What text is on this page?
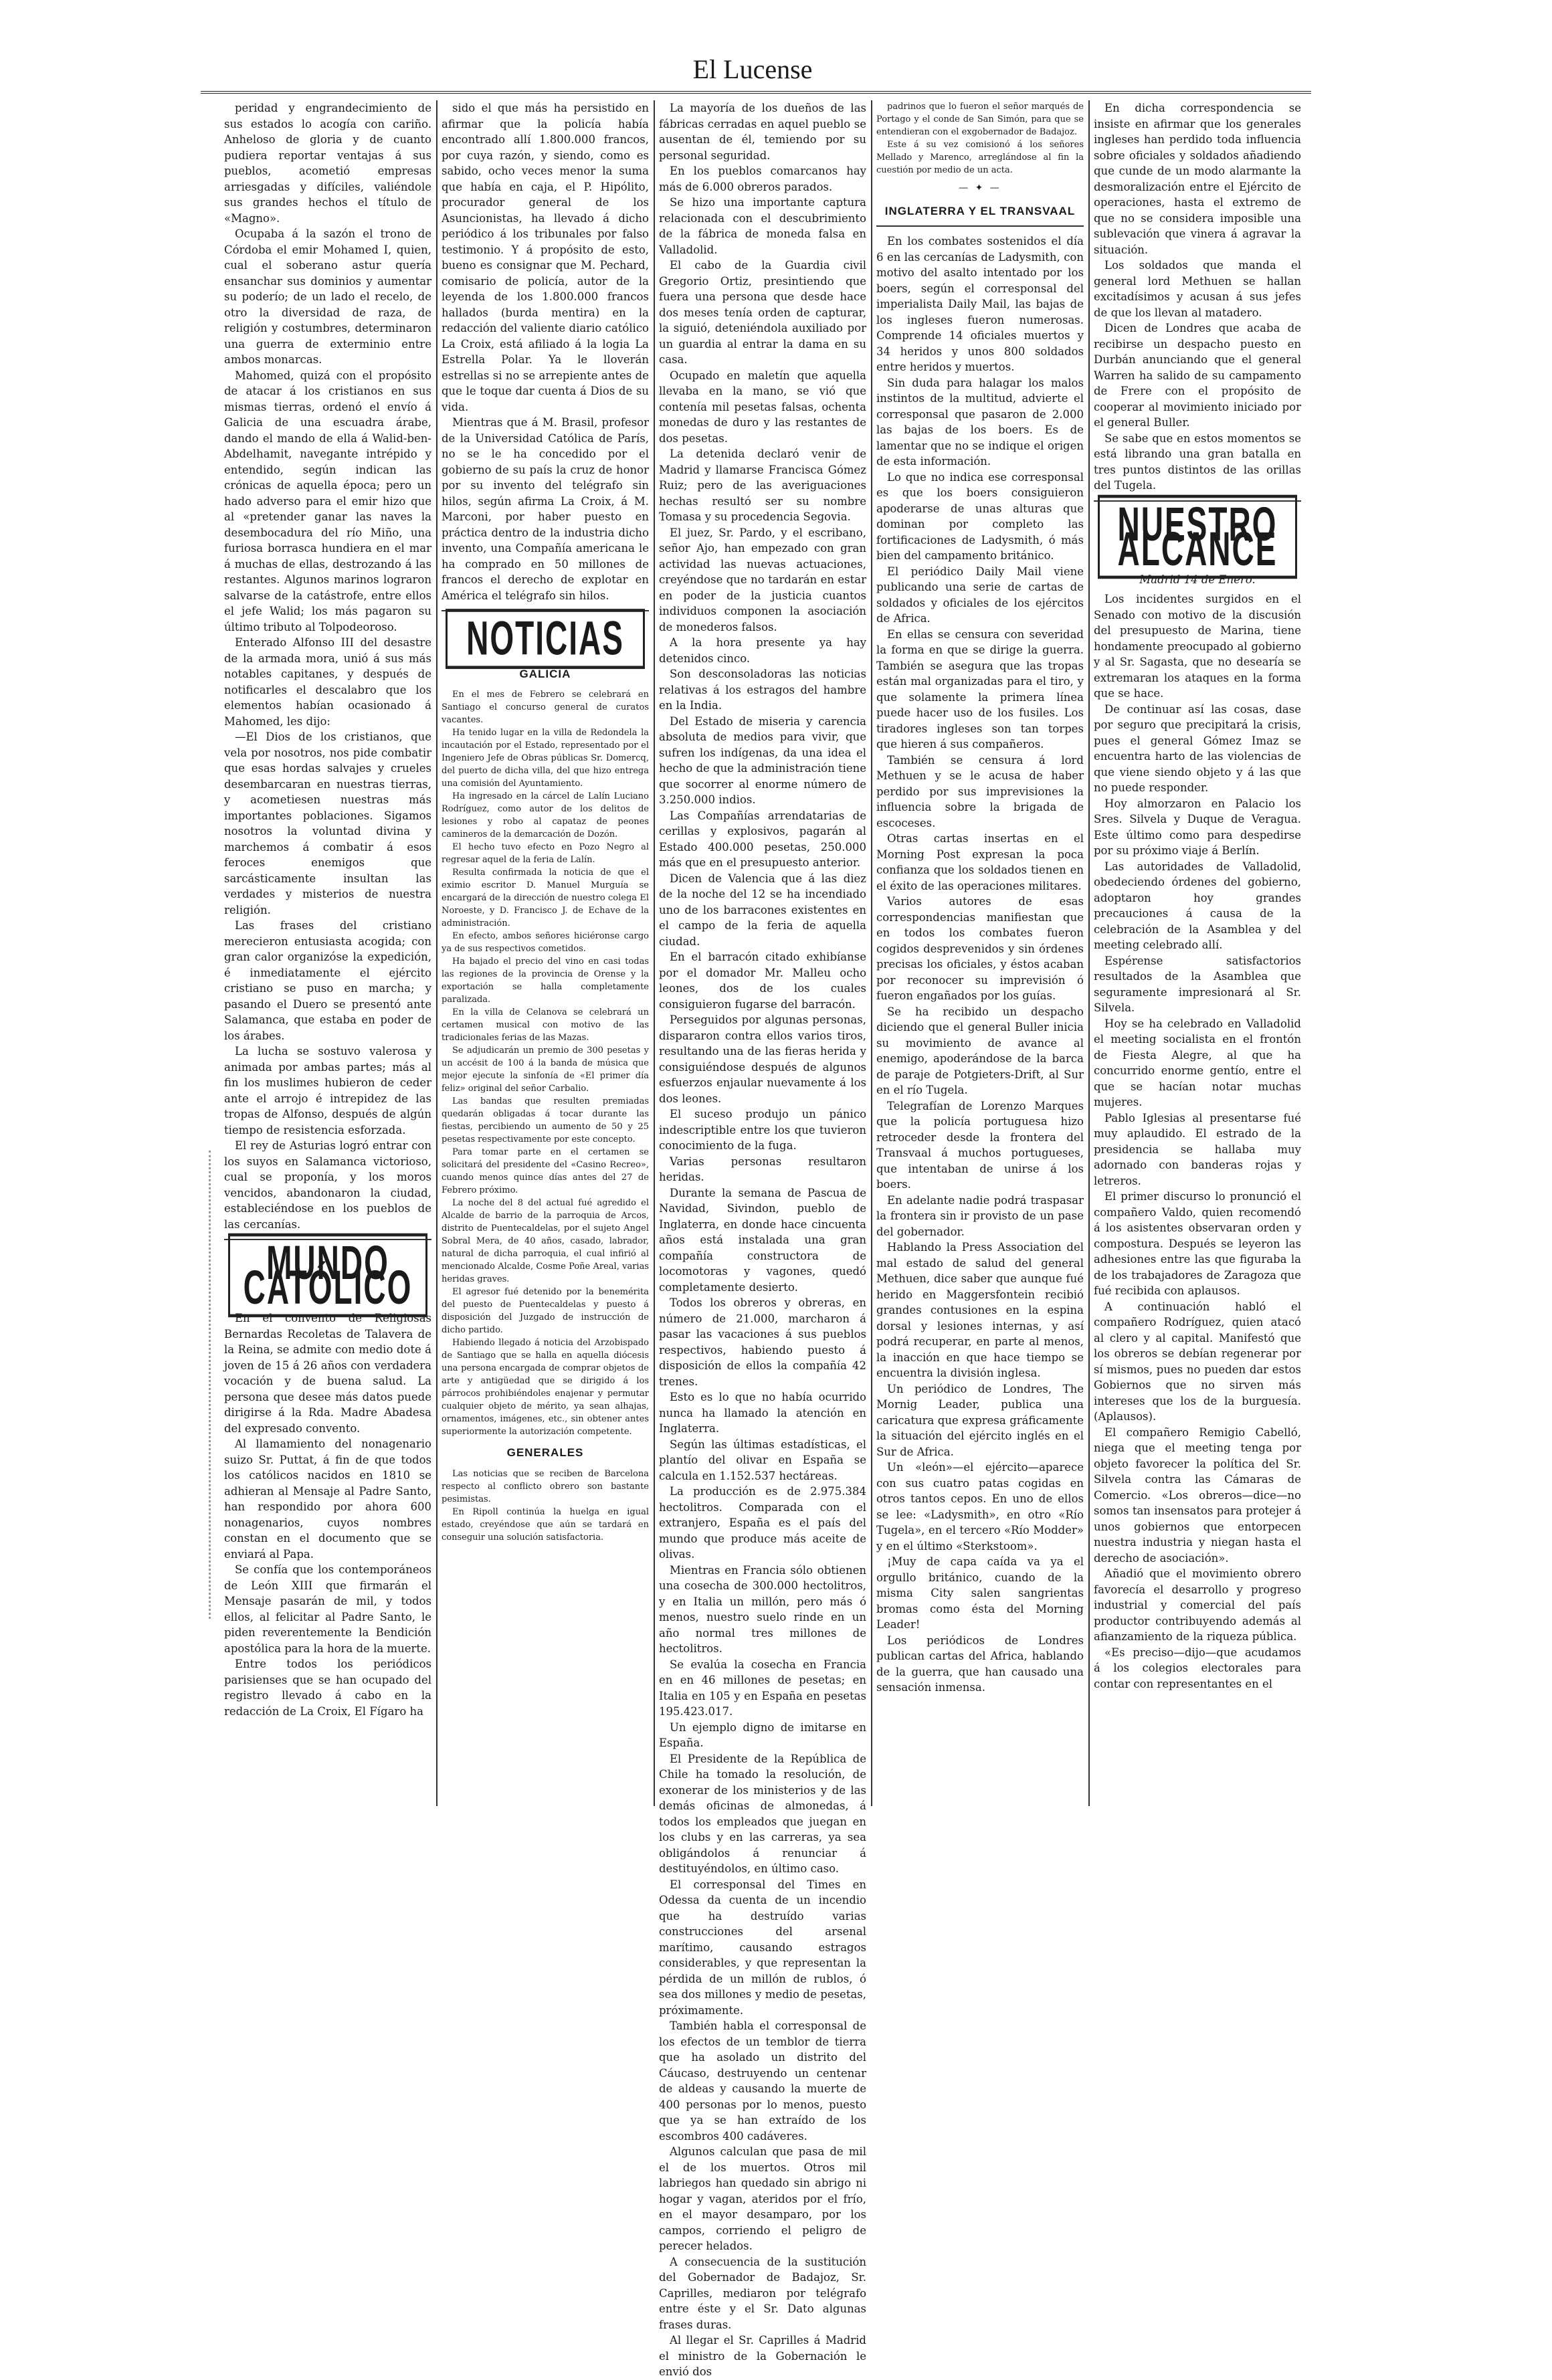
El Lucense

peridad y engrandecimiento de sus estados lo acogía con cariño. Anheloso de gloria y de cuanto pudiera reportar ventajas á sus pueblos, acometió empresas arriesgadas y difíciles, valiéndole sus grandes hechos el título de «Magno».

Ocupaba á la sazón el trono de Córdoba el emir Mohamed I, quien, cual el soberano astur quería ensanchar sus dominios y aumentar su poderío; de un lado el recelo, de otro la diversidad de raza, de religión y costumbres, determinaron una guerra de exterminio entre ambos monarcas.

Mahomed, quizá con el propósito de atacar á los cristianos en sus mismas tierras, ordenó el envío á Galicia de una escuadra árabe, dando el mando de ella á Walid-ben-Abdelhamit, navegante intrépido y entendido, según indican las crónicas de aquella época; pero un hado adverso para el emir hizo que al «pretender ganar las naves la desembocadura del río Miño, una furiosa borrasca hundiera en el mar á muchas de ellas, destrozando á las restantes. Algunos marinos lograron salvarse de la catástrofe, entre ellos el jefe Walid; los más pagaron su último tributo al Tolpodeoroso.

Enterado Alfonso III del desastre de la armada mora, unió á sus más notables capitanes, y después de notificarles el descalabro que los elementos habían ocasionado á Mahomed, les dijo:

—El Dios de los cristianos, que vela por nosotros, nos pide combatir que esas hordas salvajes y crueles desembarcaran en nuestras tierras, y acometiesen nuestras más importantes poblaciones. Sigamos nosotros la voluntad divina y marchemos á combatir á esos feroces enemigos que sarcásticamente insultan las verdades y misterios de nuestra religión.

Las frases del cristiano merecieron entusiasta acogida; con gran calor organizóse la expedición, é inmediatamente el ejército cristiano se puso en marcha; y pasando el Duero se presentó ante Salamanca, que estaba en poder de los árabes.

La lucha se sostuvo valerosa y animada por ambas partes; más al fin los muslimes hubieron de ceder ante el arrojo é intrepidez de las tropas de Alfonso, después de algún tiempo de resistencia esforzada.

El rey de Asturias logró entrar con los suyos en Salamanca victorioso, cual se proponía, y los moros vencidos, abandonaron la ciudad, estableciéndose en los pueblos de las cercanías.

MUNDO CATÓLICO

En el convento de Religiosas Bernardas Recoletas de Talavera de la Reina, se admite con medio dote á joven de 15 á 26 años con verdadera vocación y de buena salud. La persona que desee más datos puede dirigirse á la Rda. Madre Abadesa del expresado convento.

Al llamamiento del nonagenario suizo Sr. Puttat, á fin de que todos los católicos nacidos en 1810 se adhieran al Mensaje al Padre Santo, han respondido por ahora 600 nonagenarios, cuyos nombres constan en el documento que se enviará al Papa.

Se confía que los contemporáneos de León XIII que firmarán el Mensaje pasarán de mil, y todos ellos, al felicitar al Padre Santo, le piden reverentemente la Bendición apostólica para la hora de la muerte.

Entre todos los periódicos parisienses que se han ocupado del registro llevado á cabo en la redacción de La Croix, El Fígaro ha

sido el que más ha persistido en afirmar que la policía había encontrado allí 1.800.000 francos, por cuya razón, y siendo, como es sabido, ocho veces menor la suma que había en caja, el P. Hipólito, procurador general de los Asuncionistas, ha llevado á dicho periódico á los tribunales por falso testimonio. Y á propósito de esto, bueno es consignar que M. Pechard, comisario de policía, autor de la leyenda de los 1.800.000 francos hallados (burda mentira) en la redacción del valiente diario católico La Croix, está afiliado á la logia La Estrella Polar. Ya le lloverán estrellas si no se arrepiente antes de que le toque dar cuenta á Dios de su vida.

Mientras que á M. Brasil, profesor de la Universidad Católica de París, no se le ha concedido por el gobierno de su país la cruz de honor por su invento del telégrafo sin hilos, según afirma La Croix, á M. Marconi, por haber puesto en práctica dentro de la industria dicho invento, una Compañía americana le ha comprado en 50 millones de francos el derecho de explotar en América el telégrafo sin hilos.

NOTICIAS
GALICIA

En el mes de Febrero se celebrará en Santiago el concurso general de curatos vacantes.

Ha tenido lugar en la villa de Redondela la incautación por el Estado, representado por el Ingeniero Jefe de Obras públicas Sr. Domercq, del puerto de dicha villa, del que hizo entrega una comisión del Ayuntamiento.

Ha ingresado en la cárcel de Lalín Luciano Rodríguez, como autor de los delitos de lesiones y robo al capataz de peones camineros de la demarcación de Dozón.

El hecho tuvo efecto en Pozo Negro al regresar aquel de la feria de Lalín.

Resulta confirmada la noticia de que el eximio escritor D. Manuel Murguía se encargará de la dirección de nuestro colega El Noroeste, y D. Francisco J. de Echave de la administración.

En efecto, ambos señores hiciéronse cargo ya de sus respectivos cometidos.

Ha bajado el precio del vino en casi todas las regiones de la provincia de Orense y la exportación se halla completamente paralizada.

En la villa de Celanova se celebrará un certamen musical con motivo de las tradicionales ferias de las Mazas.

Se adjudicarán un premio de 300 pesetas y un accésit de 100 á la banda de música que mejor ejecute la sinfonía de «El primer día feliz» original del señor Carbalio.

Las bandas que resulten premiadas quedarán obligadas á tocar durante las fiestas, percibiendo un aumento de 50 y 25 pesetas respectivamente por este concepto.

Para tomar parte en el certamen se solicitará del presidente del «Casino Recreo», cuando menos quince días antes del 27 de Febrero próximo.

La noche del 8 del actual fué agredido el Alcalde de barrio de la parroquia de Arcos, distrito de Puentecaldelas, por el sujeto Angel Sobral Mera, de 40 años, casado, labrador, natural de dicha parroquia, el cual infirió al mencionado Alcalde, Cosme Poñe Areal, varias heridas graves.

El agresor fué detenido por la benemérita del puesto de Puentecaldelas y puesto á disposición del Juzgado de instrucción de dicho partido.

Habiendo llegado á noticia del Arzobispado de Santiago que se halla en aquella diócesis una persona encargada de comprar objetos de arte y antigüedad que se dirigido á los párrocos prohibiéndoles enajenar y permutar cualquier objeto de mérito, ya sean alhajas, ornamentos, imágenes, etc., sin obtener antes superiormente la autorización competente.

GENERALES

Las noticias que se reciben de Barcelona respecto al conflicto obrero son bastante pesimistas.

En Ripoll continúa la huelga en igual estado, creyéndose que aún se tardará en conseguir una solución satisfactoria.

La mayoría de los dueños de las fábricas cerradas en aquel pueblo se ausentan de él, temiendo por su personal seguridad.

En los pueblos comarcanos hay más de 6.000 obreros parados.

Se hizo una importante captura relacionada con el descubrimiento de la fábrica de moneda falsa en Valladolid.

El cabo de la Guardia civil Gregorio Ortiz, presintiendo que fuera una persona que desde hace dos meses tenía orden de capturar, la siguió, deteniéndola auxiliado por un guardia al entrar la dama en su casa.

Ocupado en maletín que aquella llevaba en la mano, se vió que contenía mil pesetas falsas, ochenta monedas de duro y las restantes de dos pesetas.

La detenida declaró venir de Madrid y llamarse Francisca Gómez Ruiz; pero de las averiguaciones hechas resultó ser su nombre Tomasa y su procedencia Segovia.

El juez, Sr. Pardo, y el escribano, señor Ajo, han empezado con gran actividad las nuevas actuaciones, creyéndose que no tardarán en estar en poder de la justicia cuantos individuos componen la asociación de monederos falsos.

A la hora presente ya hay detenidos cinco.

Son desconsoladoras las noticias relativas á los estragos del hambre en la India.

Del Estado de miseria y carencia absoluta de medios para vivir, que sufren los indígenas, da una idea el hecho de que la administración tiene que socorrer al enorme número de 3.250.000 indios.

Las Compañías arrendatarias de cerillas y explosivos, pagarán al Estado 400.000 pesetas, 250.000 más que en el presupuesto anterior.

Dicen de Valencia que á las diez de la noche del 12 se ha incendiado uno de los barracones existentes en el campo de la feria de aquella ciudad.

En el barracón citado exhibíanse por el domador Mr. Malleu ocho leones, dos de los cuales consiguieron fugarse del barracón.

Perseguidos por algunas personas, dispararon contra ellos varios tiros, resultando una de las fieras herida y consiguiéndose después de algunos esfuerzos enjaular nuevamente á los dos leones.

El suceso produjo un pánico indescriptible entre los que tuvieron conocimiento de la fuga.

Varias personas resultaron heridas.

Durante la semana de Pascua de Navidad, Sivindon, pueblo de Inglaterra, en donde hace cincuenta años está instalada una gran compañía constructora de locomotoras y vagones, quedó completamente desierto.

Todos los obreros y obreras, en número de 21.000, marcharon á pasar las vacaciones á sus pueblos respectivos, habiendo puesto á disposición de ellos la compañía 42 trenes.

Esto es lo que no había ocurrido nunca ha llamado la atención en Inglaterra.

Según las últimas estadísticas, el plantío del olivar en España se calcula en 1.152.537 hectáreas.

La producción es de 2.975.384 hectolitros. Comparada con el extranjero, España es el país del mundo que produce más aceite de olivas.

Mientras en Francia sólo obtienen una cosecha de 300.000 hectolitros, y en Italia un millón, pero más ó menos, nuestro suelo rinde en un año normal tres millones de hectolitros.

Se evalúa la cosecha en Francia en en 46 millones de pesetas; en Italia en 105 y en España en pesetas 195.423.017.

Un ejemplo digno de imitarse en España.

El Presidente de la República de Chile ha tomado la resolución, de exonerar de los ministerios y de las demás oficinas de almonedas, á todos los empleados que juegan en los clubs y en las carreras, ya sea obligándolos á renunciar á destituyéndolos, en último caso.

El corresponsal del Times en Odessa da cuenta de un incendio que ha destruído varias construcciones del arsenal marítimo, causando estragos considerables, y que representan la pérdida de un millón de rublos, ó sea dos millones y medio de pesetas, próximamente.

También habla el corresponsal de los efectos de un temblor de tierra que ha asolado un distrito del Cáucaso, destruyendo un centenar de aldeas y causando la muerte de 400 personas por lo menos, puesto que ya se han extraído de los escombros 400 cadáveres.

Algunos calculan que pasa de mil el de los muertos. Otros mil labriegos han quedado sin abrigo ni hogar y vagan, ateridos por el frío, en el mayor desamparo, por los campos, corriendo el peligro de perecer helados.

A consecuencia de la sustitución del Gobernador de Badajoz, Sr. Caprilles, mediaron por telégrafo entre éste y el Sr. Dato algunas frases duras.

Al llegar el Sr. Caprilles á Madrid el ministro de la Gobernación le envió dos

padrinos que lo fueron el señor marqués de Portago y el conde de San Simón, para que se entendieran con el exgobernador de Badajoz.

Este á su vez comisionó á los señores Mellado y Marenco, arreglándose al fin la cuestión por medio de un acta.

— ✦ —
INGLATERRA Y EL TRANSVAAL

En los combates sostenidos el día 6 en las cercanías de Ladysmith, con motivo del asalto intentado por los boers, según el corresponsal del imperialista Daily Mail, las bajas de los ingleses fueron numerosas. Comprende 14 oficiales muertos y 34 heridos y unos 800 soldados entre heridos y muertos.

Sin duda para halagar los malos instintos de la multitud, advierte el corresponsal que pasaron de 2.000 las bajas de los boers. Es de lamentar que no se indique el origen de esta información.

Lo que no indica ese corresponsal es que los boers consiguieron apoderarse de unas alturas que dominan por completo las fortificaciones de Ladysmith, ó más bien del campamento británico.

El periódico Daily Mail viene publicando una serie de cartas de soldados y oficiales de los ejércitos de Africa.

En ellas se censura con severidad la forma en que se dirige la guerra. También se asegura que las tropas están mal organizadas para el tiro, y que solamente la primera línea puede hacer uso de los fusiles. Los tiradores ingleses son tan torpes que hieren á sus compañeros.

También se censura á lord Methuen y se le acusa de haber perdido por sus imprevisiones la influencia sobre la brigada de escoceses.

Otras cartas insertas en el Morning Post expresan la poca confianza que los soldados tienen en el éxito de las operaciones militares.

Varios autores de esas correspondencias manifiestan que en todos los combates fueron cogidos desprevenidos y sin órdenes precisas los oficiales, y éstos acaban por reconocer su imprevisión ó fueron engañados por los guías.

Se ha recibido un despacho diciendo que el general Buller inicia su movimiento de avance al enemigo, apoderándose de la barca de paraje de Potgieters-Drift, al Sur en el río Tugela.

Telegrafían de Lorenzo Marques que la policía portuguesa hizo retroceder desde la frontera del Transvaal á muchos portugueses, que intentaban de unirse á los boers.

En adelante nadie podrá traspasar la frontera sin ir provisto de un pase del gobernador.

Hablando la Press Association del mal estado de salud del general Methuen, dice saber que aunque fué herido en Maggersfontein recibió grandes contusiones en la espina dorsal y lesiones internas, y así podrá recuperar, en parte al menos, la inacción en que hace tiempo se encuentra la división inglesa.

Un periódico de Londres, The Mornig Leader, publica una caricatura que expresa gráficamente la situación del ejército inglés en el Sur de Africa.

Un «león»—el ejército—aparece con sus cuatro patas cogidas en otros tantos cepos. En uno de ellos se lee: «Ladysmith», en otro «Río Tugela», en el tercero «Río Modder» y en el último «Sterkstoom».

¡Muy de capa caída va ya el orgullo británico, cuando de la misma City salen sangrientas bromas como ésta del Morning Leader!

Los periódicos de Londres publican cartas del Africa, hablando de la guerra, que han causado una sensación inmensa.

En dicha correspondencia se insiste en afirmar que los generales ingleses han perdido toda influencia sobre oficiales y soldados añadiendo que cunde de un modo alarmante la desmoralización entre el Ejército de operaciones, hasta el extremo de que no se considera imposible una sublevación que vinera á agravar la situación.

Los soldados que manda el general lord Methuen se hallan excitadísimos y acusan á sus jefes de que los llevan al matadero.

Dicen de Londres que acaba de recibirse un despacho puesto en Durbán anunciando que el general Warren ha salido de su campamento de Frere con el propósito de cooperar al movimiento iniciado por el general Buller.

Se sabe que en estos momentos se está librando una gran batalla en tres puntos distintos de las orillas del Tugela.

NUESTRO ALCANCE
Madrid 14 de Enero.

Los incidentes surgidos en el Senado con motivo de la discusión del presupuesto de Marina, tiene hondamente preocupado al gobierno y al Sr. Sagasta, que no desearía se extremaran los ataques en la forma que se hace.

De continuar así las cosas, dase por seguro que precipitará la crisis, pues el general Gómez Imaz se encuentra harto de las violencias de que viene siendo objeto y á las que no puede responder.

Hoy almorzaron en Palacio los Sres. Silvela y Duque de Veragua. Este último como para despedirse por su próximo viaje á Berlín.

Las autoridades de Valladolid, obedeciendo órdenes del gobierno, adoptaron hoy grandes precauciones á causa de la celebración de la Asamblea y del meeting celebrado allí.

Espérense satisfactorios resultados de la Asamblea que seguramente impresionará al Sr. Silvela.

Hoy se ha celebrado en Valladolid el meeting socialista en el frontón de Fiesta Alegre, al que ha concurrido enorme gentío, entre el que se hacían notar muchas mujeres.

Pablo Iglesias al presentarse fué muy aplaudido. El estrado de la presidencia se hallaba muy adornado con banderas rojas y letreros.

El primer discurso lo pronunció el compañero Valdo, quien recomendó á los asistentes observaran orden y compostura. Después se leyeron las adhesiones entre las que figuraba la de los trabajadores de Zaragoza que fué recibida con aplausos.

A continuación habló el compañero Rodríguez, quien atacó al clero y al capital. Manifestó que los obreros se debían regenerar por sí mismos, pues no pueden dar estos Gobiernos que no sirven más intereses que los de la burguesía. (Aplausos).

El compañero Remigio Cabelló, niega que el meeting tenga por objeto favorecer la política del Sr. Silvela contra las Cámaras de Comercio. «Los obreros—dice—no somos tan insensatos para protejer á unos gobiernos que entorpecen nuestra industria y niegan hasta el derecho de asociación».

Añadió que el movimiento obrero favorecía el desarrollo y progreso industrial y comercial del país productor contribuyendo además al afianzamiento de la riqueza pública.

«Es preciso—dijo—que acudamos á los colegios electorales para contar con representantes en el
